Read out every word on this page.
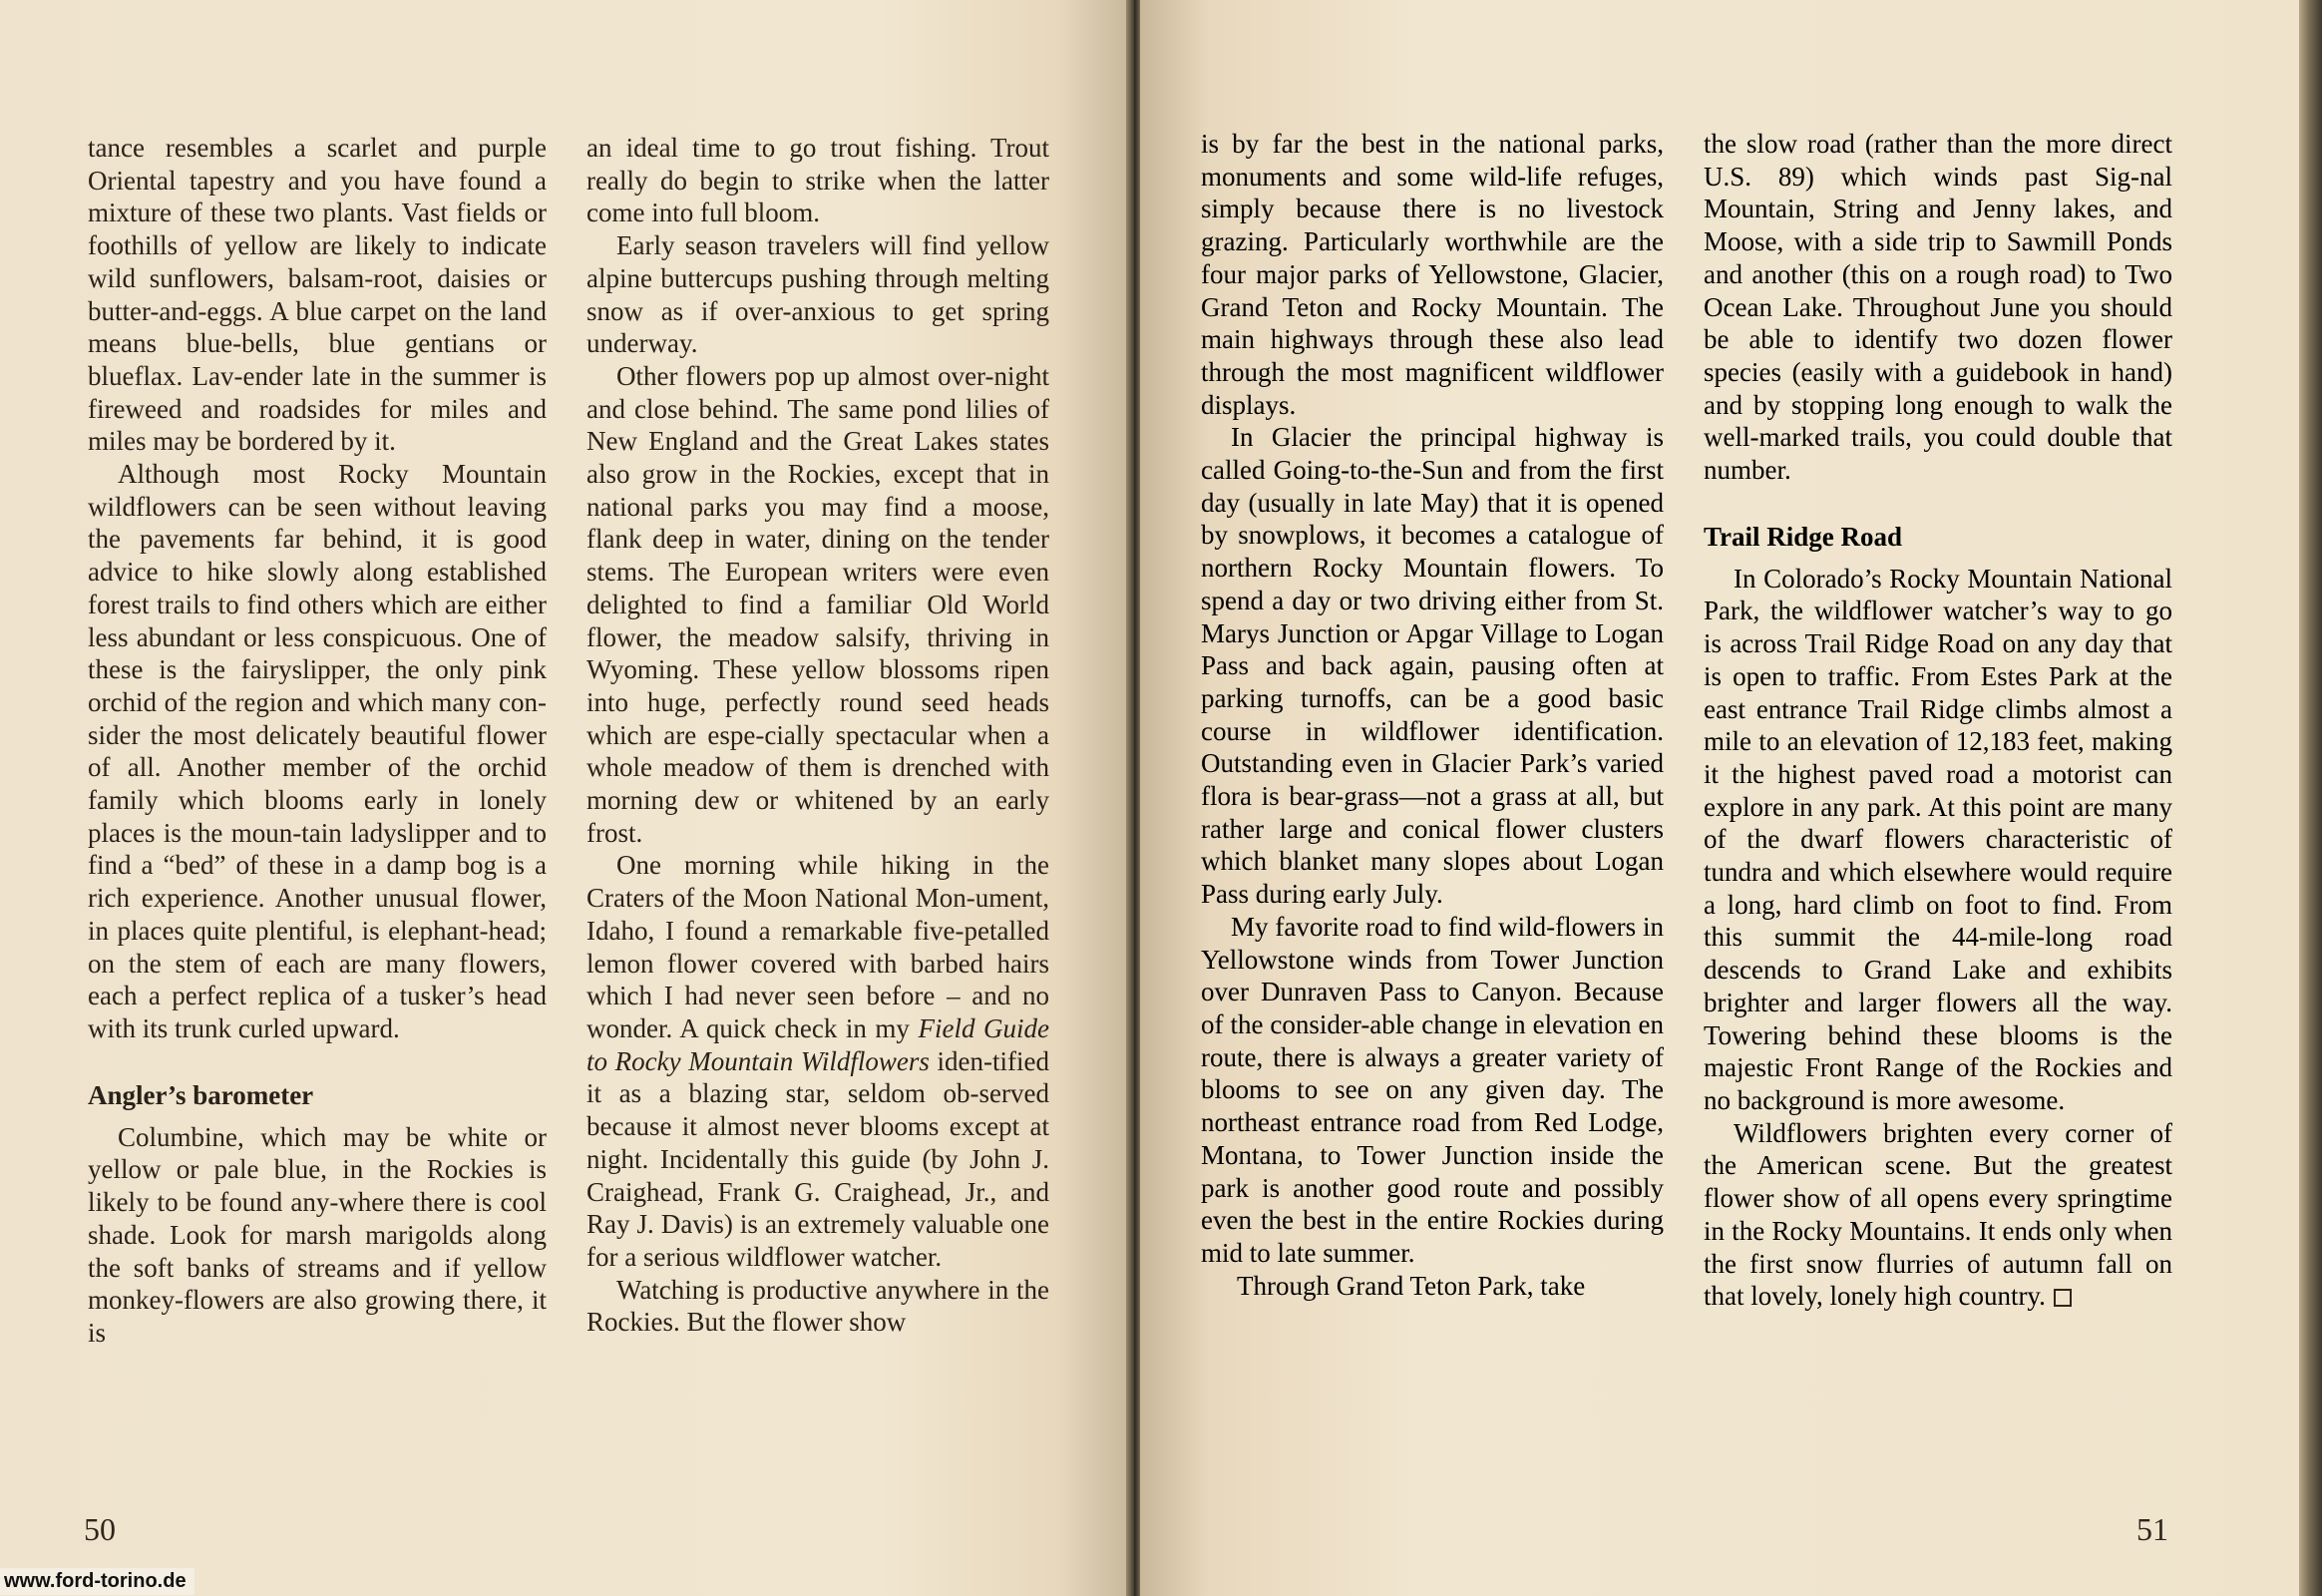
tance resembles a scarlet and purple Oriental tapestry and you have found a mixture of these two plants. Vast fields or foothills of yellow are likely to indicate wild sunflowers, balsam-root, daisies or butter-and-eggs. A blue carpet on the land means blue-bells, blue gentians or blueflax. Lav-ender late in the summer is fireweed and roadsides for miles and miles may be bordered by it.

Although most Rocky Mountain wildflowers can be seen without leaving the pavements far behind, it is good advice to hike slowly along established forest trails to find others which are either less abundant or less conspicuous. One of these is the fairyslipper, the only pink orchid of the region and which many con-sider the most delicately beautiful flower of all. Another member of the orchid family which blooms early in lonely places is the moun-tain ladyslipper and to find a “bed” of these in a damp bog is a rich experience. Another unusual flower, in places quite plentiful, is elephant-head; on the stem of each are many flowers, each a perfect replica of a tusker’s head with its trunk curled upward.

Angler’s barometer

Columbine, which may be white or yellow or pale blue, in the Rockies is likely to be found any-where there is cool shade. Look for marsh marigolds along the soft banks of streams and if yellow monkey-flowers are also growing there, it is

an ideal time to go trout fishing. Trout really do begin to strike when the latter come into full bloom.

Early season travelers will find yellow alpine buttercups pushing through melting snow as if over-anxious to get spring underway.

Other flowers pop up almost over-night and close behind. The same pond lilies of New England and the Great Lakes states also grow in the Rockies, except that in national parks you may find a moose, flank deep in water, dining on the tender stems. The European writers were even delighted to find a familiar Old World flower, the meadow salsify, thriving in Wyoming. These yellow blossoms ripen into huge, perfectly round seed heads which are espe-cially spectacular when a whole meadow of them is drenched with morning dew or whitened by an early frost.

One morning while hiking in the Craters of the Moon National Mon-ument, Idaho, I found a remarkable five-petalled lemon flower covered with barbed hairs which I had never seen before – and no wonder. A quick check in my Field Guide to Rocky Mountain Wildflowers iden-tified it as a blazing star, seldom ob-served because it almost never blooms except at night. Incidentally this guide (by John J. Craighead, Frank G. Craighead, Jr., and Ray J. Davis) is an extremely valuable one for a serious wildflower watcher.

Watching is productive anywhere in the Rockies. But the flower show

50

is by far the best in the national parks, monuments and some wild-life refuges, simply because there is no livestock grazing. Particularly worthwhile are the four major parks of Yellowstone, Glacier, Grand Teton and Rocky Mountain. The main highways through these also lead through the most magnificent wildflower displays.

In Glacier the principal highway is called Going-to-the-Sun and from the first day (usually in late May) that it is opened by snowplows, it becomes a catalogue of northern Rocky Mountain flowers. To spend a day or two driving either from St. Marys Junction or Apgar Village to Logan Pass and back again, pausing often at parking turnoffs, can be a good basic course in wildflower identification. Outstanding even in Glacier Park’s varied flora is bear-grass—not a grass at all, but rather large and conical flower clusters which blanket many slopes about Logan Pass during early July.

My favorite road to find wild-flowers in Yellowstone winds from Tower Junction over Dunraven Pass to Canyon. Because of the consider-able change in elevation en route, there is always a greater variety of blooms to see on any given day. The northeast entrance road from Red Lodge, Montana, to Tower Junction inside the park is another good route and possibly even the best in the entire Rockies during mid to late summer.

Through Grand Teton Park, take

the slow road (rather than the more direct U.S. 89) which winds past Sig-nal Mountain, String and Jenny lakes, and Moose, with a side trip to Sawmill Ponds and another (this on a rough road) to Two Ocean Lake. Throughout June you should be able to identify two dozen flower species (easily with a guidebook in hand) and by stopping long enough to walk the well-marked trails, you could double that number.

Trail Ridge Road

In Colorado’s Rocky Mountain National Park, the wildflower watcher’s way to go is across Trail Ridge Road on any day that is open to traffic. From Estes Park at the east entrance Trail Ridge climbs almost a mile to an elevation of 12,183 feet, making it the highest paved road a motorist can explore in any park. At this point are many of the dwarf flowers characteristic of tundra and which elsewhere would require a long, hard climb on foot to find. From this summit the 44-mile-long road descends to Grand Lake and exhibits brighter and larger flowers all the way. Towering behind these blooms is the majestic Front Range of the Rockies and no background is more awesome.

Wildflowers brighten every corner of the American scene. But the greatest flower show of all opens every springtime in the Rocky Mountains. It ends only when the first snow flurries of autumn fall on that lovely, lonely high country.

51
www.ford-torino.de
